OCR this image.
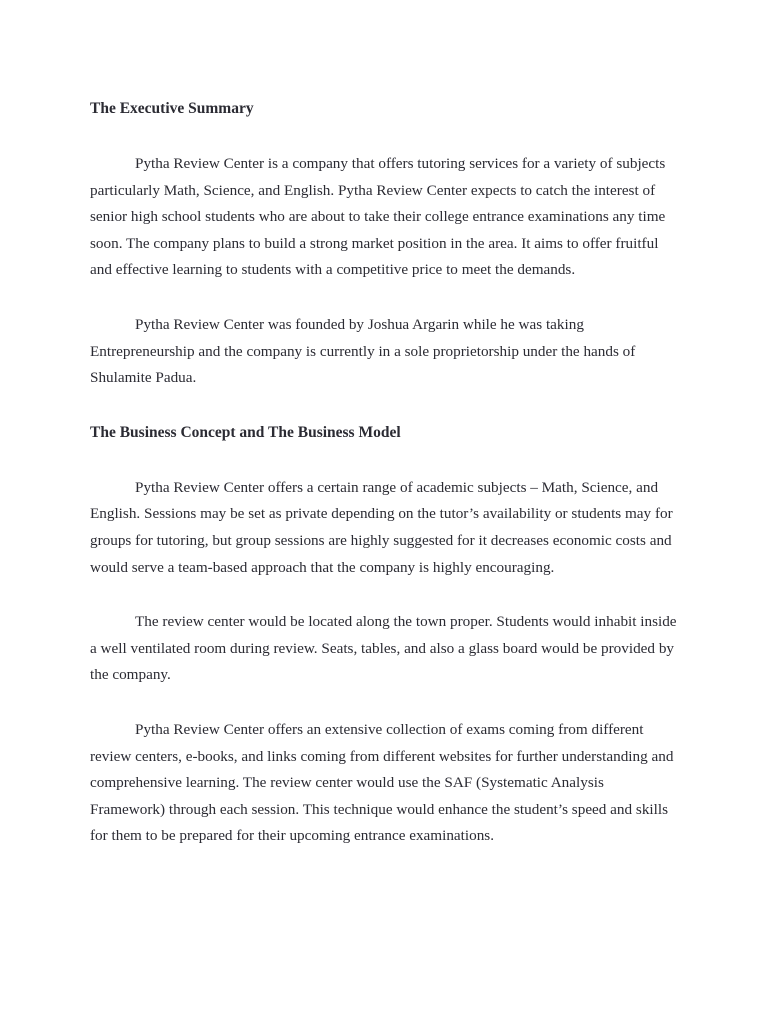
The Executive Summary

Pytha Review Center is a company that offers tutoring services for a variety of subjects particularly Math, Science, and English. Pytha Review Center expects to catch the interest of senior high school students who are about to take their college entrance examinations any time soon. The company plans to build a strong market position in the area. It aims to offer fruitful and effective learning to students with a competitive price to meet the demands.

Pytha Review Center was founded by Joshua Argarin while he was taking Entrepreneurship and the company is currently in a sole proprietorship under the hands of Shulamite Padua.

The Business Concept and The Business Model

Pytha Review Center offers a certain range of academic subjects – Math, Science, and English. Sessions may be set as private depending on the tutor’s availability or students may for groups for tutoring, but group sessions are highly suggested for it decreases economic costs and would serve a team-based approach that the company is highly encouraging.

The review center would be located along the town proper. Students would inhabit inside a well ventilated room during review. Seats, tables, and also a glass board would be provided by the company.

Pytha Review Center offers an extensive collection of exams coming from different review centers, e-books, and links coming from different websites for further understanding and comprehensive learning. The review center would use the SAF (Systematic Analysis Framework) through each session. This technique would enhance the student’s speed and skills for them to be prepared for their upcoming entrance examinations.
